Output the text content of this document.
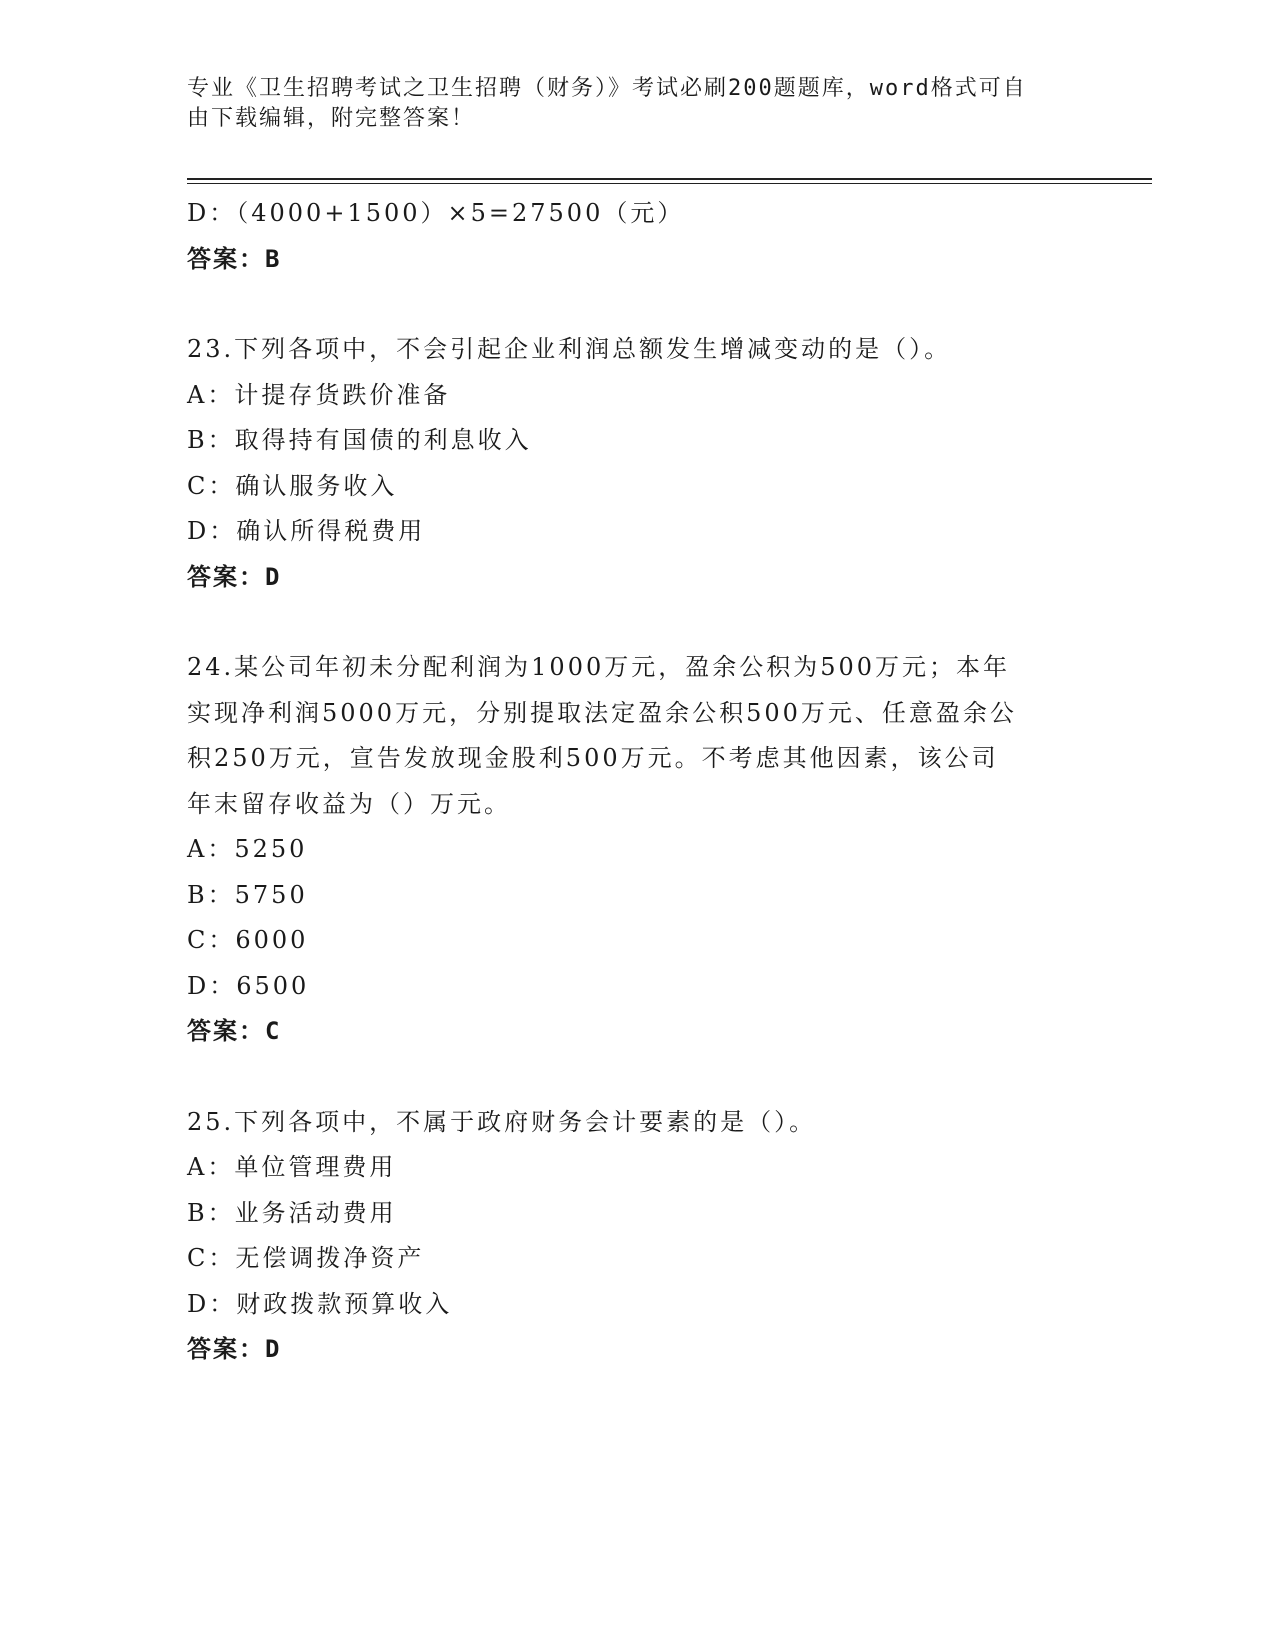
专业《卫生招聘考试之卫生招聘（财务）》考试必刷200题题库，word格式可自
由下载编辑，附完整答案！
D：（4000+1500）×5=27500（元）
答案：B
23.下列各项中，不会引起企业利润总额发生增减变动的是（）。
A：计提存货跌价准备
B：取得持有国债的利息收入
C：确认服务收入
D：确认所得税费用
答案：D
24.某公司年初未分配利润为1000万元，盈余公积为500万元；本年
实现净利润5000万元，分别提取法定盈余公积500万元、任意盈余公
积250万元，宣告发放现金股利500万元。不考虑其他因素，该公司
年末留存收益为（）万元。
A：5250
B：5750
C：6000
D：6500
答案：C
25.下列各项中，不属于政府财务会计要素的是（）。
A：单位管理费用
B：业务活动费用
C：无偿调拨净资产
D：财政拨款预算收入
答案：D
